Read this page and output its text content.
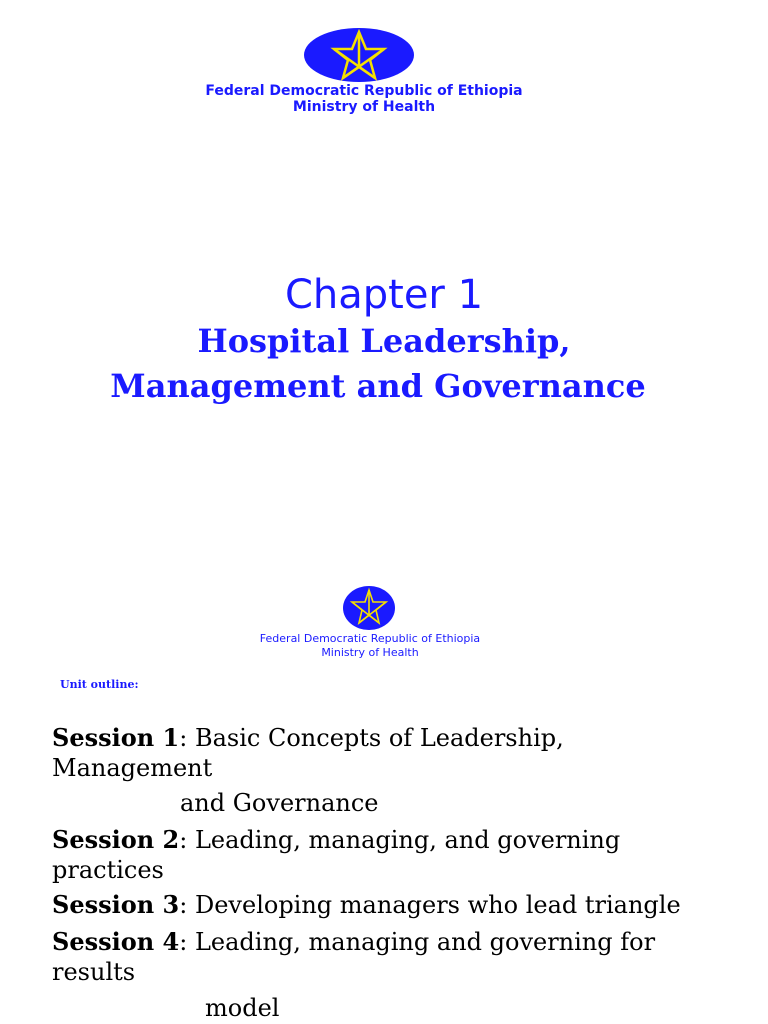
Federal Democratic Republic of Ethiopia
Ministry of Health
Chapter 1
Hospital Leadership,
Management and Governance
Federal Democratic Republic of Ethiopia
Ministry of Health
Unit outline:
Session 1: Basic Concepts of Leadership, Management
and Governance
Session 2: Leading, managing, and governing practices
Session 3: Developing managers who lead triangle
Session 4: Leading, managing and governing for results
model
